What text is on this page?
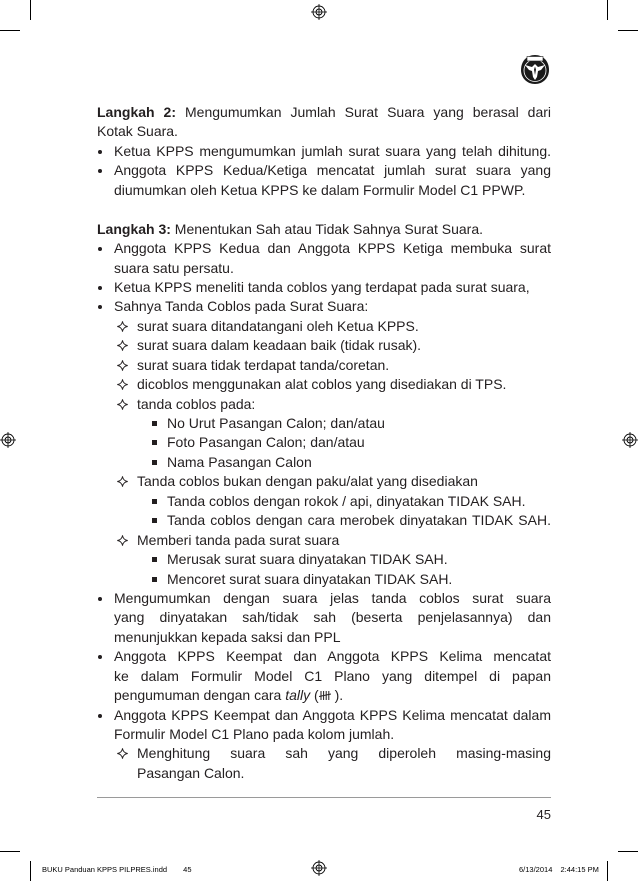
Langkah 2: Mengumumkan Jumlah Surat Suara yang berasal dari
Kotak Suara.
Ketua KPPS mengumumkan jumlah surat suara yang telah dihitung.
Anggota KPPS Kedua/Ketiga mencatat jumlah surat suara yang
diumumkan oleh Ketua KPPS ke dalam Formulir Model C1 PPWP.
Langkah 3: Menentukan Sah atau Tidak Sahnya Surat Suara.
Anggota KPPS Kedua dan Anggota KPPS Ketiga membuka surat
suara satu persatu.
Ketua KPPS meneliti tanda coblos yang terdapat pada surat suara,
Sahnya Tanda Coblos pada Surat Suara:
surat suara ditandatangani oleh Ketua KPPS.
surat suara dalam keadaan baik (tidak rusak).
surat suara tidak terdapat tanda/coretan.
dicoblos menggunakan alat coblos yang disediakan di TPS.
tanda coblos pada:
No Urut Pasangan Calon; dan/atau
Foto Pasangan Calon; dan/atau
Nama Pasangan Calon
Tanda coblos bukan dengan paku/alat yang disediakan
Tanda coblos dengan rokok / api, dinyatakan TIDAK SAH.
Tanda coblos dengan cara merobek dinyatakan TIDAK SAH.
Memberi tanda pada surat suara
Merusak surat suara dinyatakan TIDAK SAH.
Mencoret surat suara dinyatakan TIDAK SAH.
Mengumumkan dengan suara jelas tanda coblos surat suara
yang dinyatakan sah/tidak sah (beserta penjelasannya) dan
menunjukkan kepada saksi dan PPL
Anggota KPPS Keempat dan Anggota KPPS Kelima mencatat
ke dalam Formulir Model C1 Plano yang ditempel di papan
pengumuman dengan cara tally ( ).
Anggota KPPS Keempat dan Anggota KPPS Kelima mencatat dalam
Formulir Model C1 Plano pada kolom jumlah.
Menghitung suara sah yang diperoleh masing-masing
Pasangan Calon.
45
BUKU Panduan KPPS PILPRES.indd 45	6/13/2014 2:44:15 PM
